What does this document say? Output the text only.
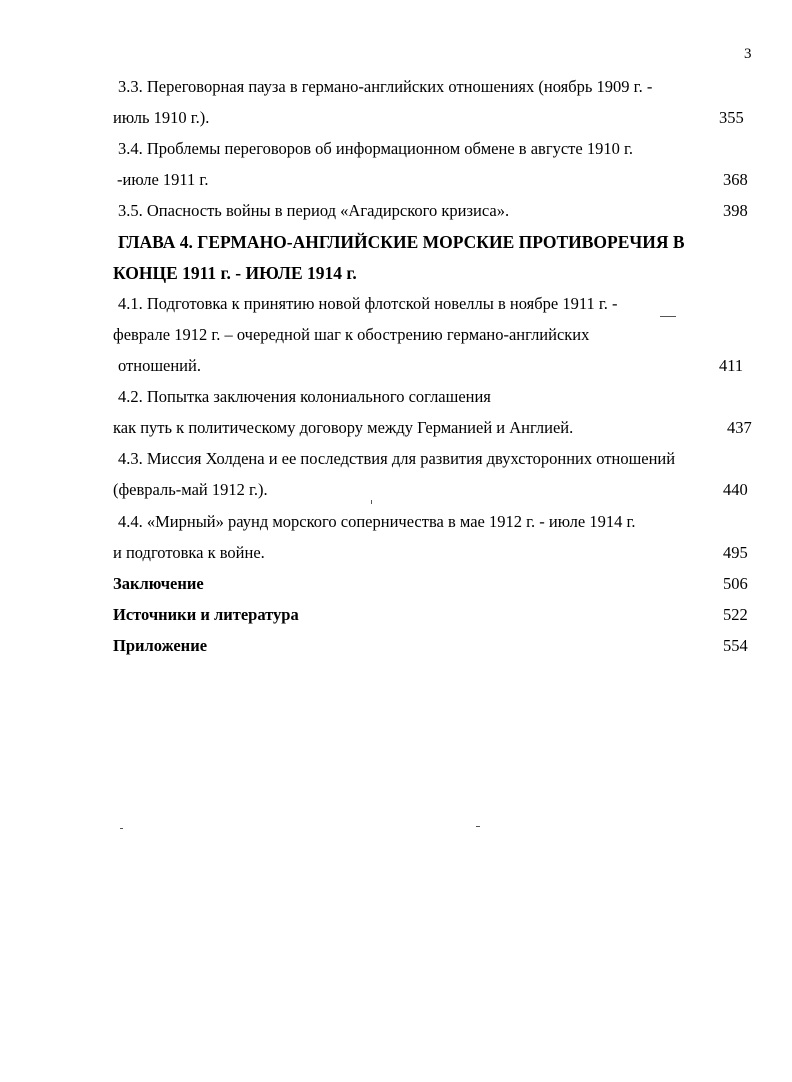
3
3.3. Переговорная пауза в германо-английских отношениях (ноябрь 1909 г. -
июль 1910 г.).	355
3.4. Проблемы переговоров об информационном обмене в августе 1910 г.
-июле 1911 г.	368
3.5. Опасность войны в период «Агадирского кризиса».	398
ГЛАВА 4. ГЕРМАНО-АНГЛИЙСКИЕ МОРСКИЕ ПРОТИВОРЕЧИЯ В
КОНЦЕ 1911 г. - ИЮЛЕ 1914 г.
4.1. Подготовка к принятию новой флотской новеллы в ноябре 1911 г. -
феврале 1912 г. – очередной шаг к обострению германо-английских
отношений.	411
4.2. Попытка заключения колониального соглашения
как путь к политическому договору между Германией и Англией.	437
4.3. Миссия Холдена и ее последствия для развития двухсторонних отношений
(февраль-май 1912 г.).	440
4.4. «Мирный» раунд морского соперничества в мае 1912 г. - июле 1914 г.
и подготовка к войне.	495
Заключение	506
Источники и литература	522
Приложение	554
